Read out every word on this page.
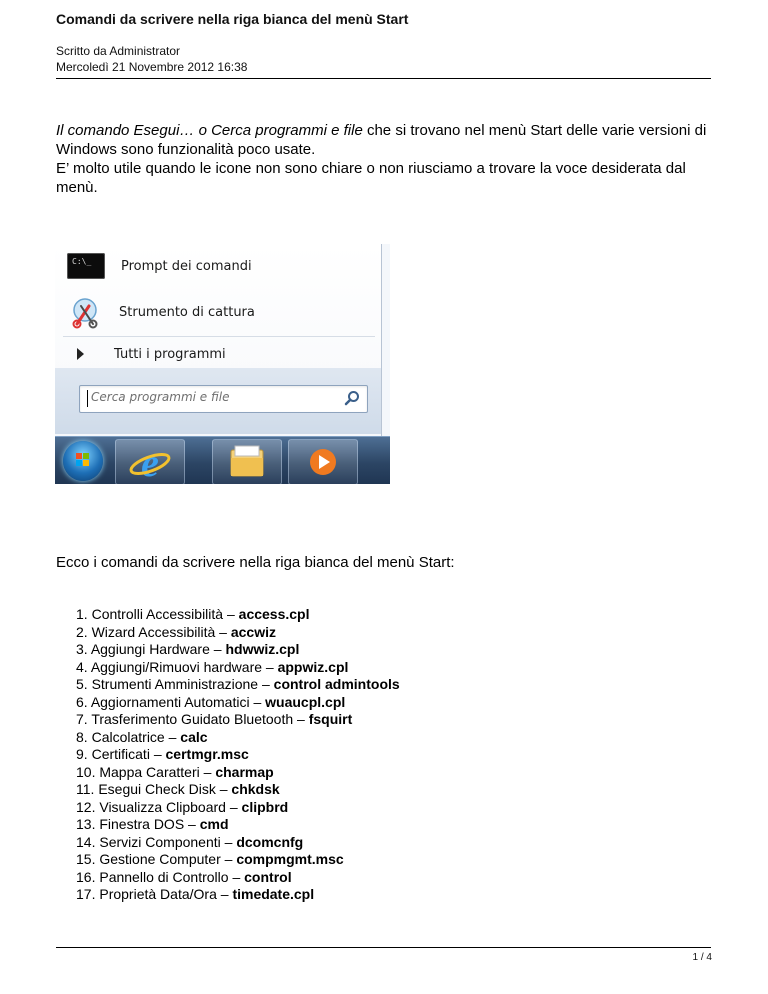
Comandi da scrivere nella riga bianca del menù Start
Scritto da Administrator
Mercoledì 21 Novembre 2012 16:38

Il comando Esegui… o Cerca programmi e file che si trovano nel menù Start delle varie versioni di Windows sono funzionalità poco usate.

E’ molto utile quando le icone non sono chiare o non riusciamo a trovare la voce desiderata dal menù.

C:\_
Prompt dei comandi
Strumento di cattura
Tutti i programmi
Cerca programmi e file
e
Ecco i comandi da scrivere nella riga bianca del menù Start:
1. Controlli Accessibilità – access.cpl
2. Wizard Accessibilità – accwiz
3. Aggiungi Hardware – hdwwiz.cpl
4. Aggiungi/Rimuovi hardware – appwiz.cpl
5. Strumenti Amministrazione – control admintools
6. Aggiornamenti Automatici – wuaucpl.cpl
7. Trasferimento Guidato Bluetooth – fsquirt
8. Calcolatrice – calc
9. Certificati – certmgr.msc
10. Mappa Caratteri – charmap
11. Esegui Check Disk – chkdsk
12. Visualizza Clipboard – clipbrd
13. Finestra DOS – cmd
14. Servizi Componenti – dcomcnfg
15. Gestione Computer – compmgmt.msc
16. Pannello di Controllo – control
17. Proprietà Data/Ora – timedate.cpl
1 / 4
